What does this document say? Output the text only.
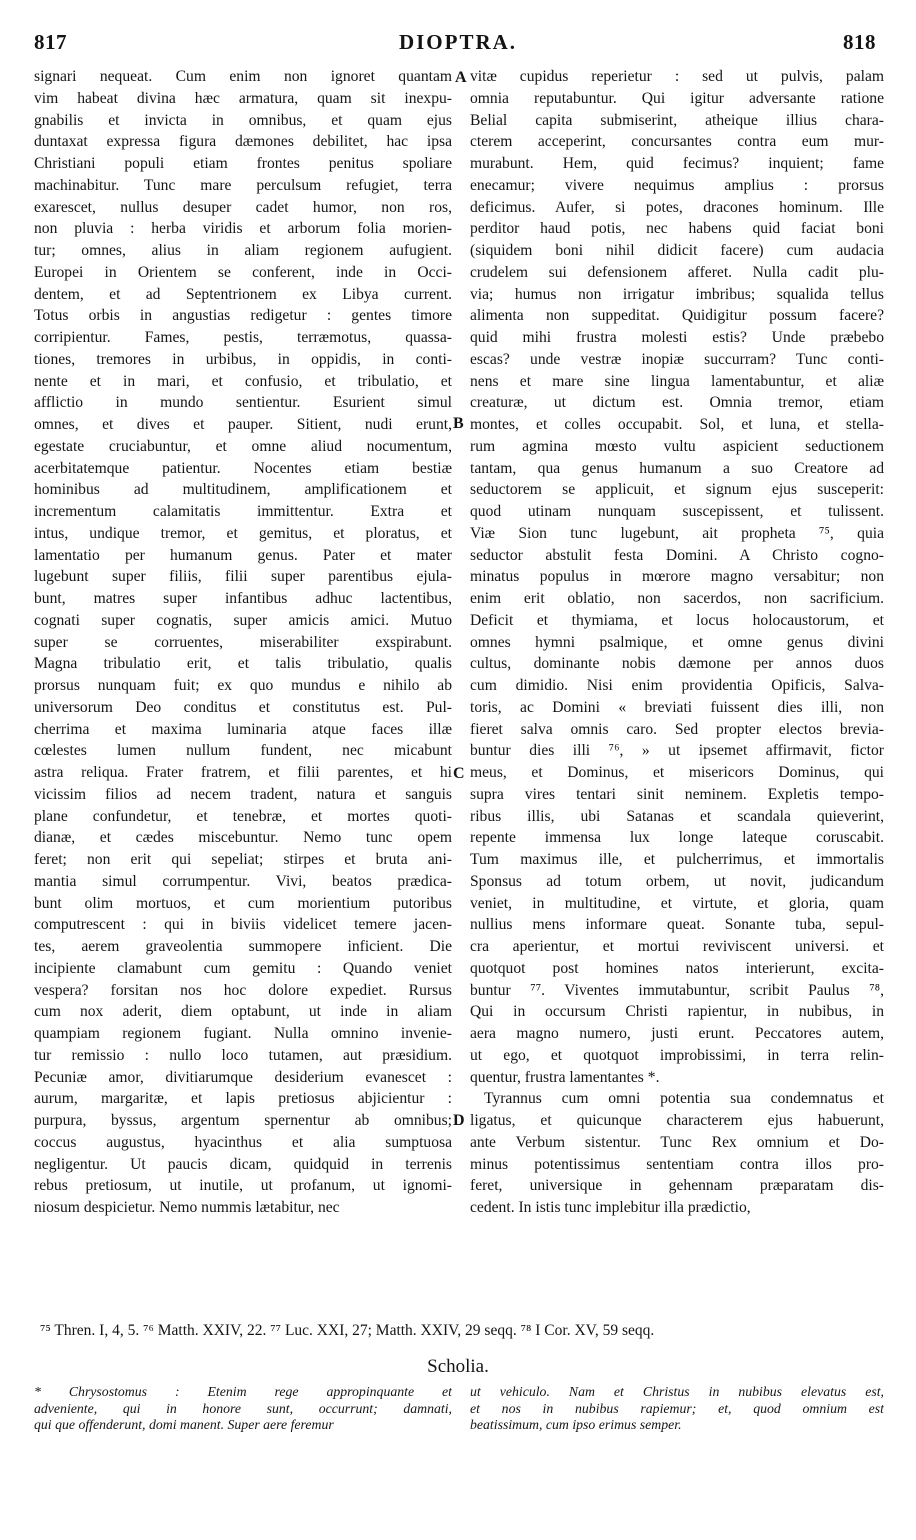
817	DIOPTRA.	818
signari nequeat. Cum enim non ignoret quantam
vim habeat divina hæc armatura, quam sit inexpu-
gnabilis et invicta in omnibus, et quam ejus
duntaxat expressa figura dæmones debilitet, hac ipsa
Christiani populi etiam frontes penitus spoliare
machinabitur. Tunc mare perculsum refugiet, terra
exarescet, nullus desuper cadet humor, non ros,
non pluvia : herba viridis et arborum folia morien-
tur; omnes, alius in aliam regionem aufugient.
Europei in Orientem se conferent, inde in Occi-
dentem, et ad Septentrionem ex Libya current.
Totus orbis in angustias redigetur : gentes timore
corripientur. Fames, pestis, terræmotus, quassa-
tiones, tremores in urbibus, in oppidis, in conti-
nente et in mari, et confusio, et tribulatio, et
afflictio in mundo sentientur. Esurient simul
omnes, et dives et pauper. Sitient, nudi erunt,
egestate cruciabuntur, et omne aliud nocumentum,
acerbitatemque patientur. Nocentes etiam bestiæ
hominibus ad multitudinem, amplificationem et
incrementum calamitatis immittentur. Extra et
intus, undique tremor, et gemitus, et ploratus, et
lamentatio per humanum genus. Pater et mater
lugebunt super filiis, filii super parentibus ejula-
bunt, matres super infantibus adhuc lactentibus,
cognati super cognatis, super amicis amici. Mutuo
super se corruentes, miserabiliter exspirabunt.
Magna tribulatio erit, et talis tribulatio, qualis
prorsus nunquam fuit; ex quo mundus e nihilo ab
universorum Deo conditus et constitutus est. Pul-
cherrima et maxima luminaria atque faces illæ
cœlestes lumen nullum fundent, nec micabunt
astra reliqua. Frater fratrem, et filii parentes, et hi
vicissim filios ad necem tradent, natura et sanguis
plane confundetur, et tenebræ, et mortes quoti-
dianæ, et cædes miscebuntur. Nemo tunc opem
feret; non erit qui sepeliat; stirpes et bruta ani-
mantia simul corrumpentur. Vivi, beatos prædica-
bunt olim mortuos, et cum morientium putoribus
computrescent : qui in biviis videlicet temere jacen-
tes, aerem graveolentia summopere inficient. Die
incipiente clamabunt cum gemitu : Quando veniet
vespera? forsitan nos hoc dolore expediet. Rursus
cum nox aderit, diem optabunt, ut inde in aliam
quampiam regionem fugiant. Nulla omnino invenie-
tur remissio : nullo loco tutamen, aut præsidium.
Pecuniæ amor, divitiarumque desiderium evanescet :
aurum, margaritæ, et lapis pretiosus abjicientur :
purpura, byssus, argentum spernentur ab omnibus;
coccus augustus, hyacinthus et alia sumptuosa
negligentur. Ut paucis dicam, quidquid in terrenis
rebus pretiosum, ut inutile, ut profanum, ut ignomi-
niosum despicietur. Nemo nummis lætabitur, nec
vitæ cupidus reperietur : sed ut pulvis, palam
omnia reputabuntur. Qui igitur adversante ratione
Belial capita submiserint, atheique illius chara-
cterem acceperint, concursantes contra eum mur-
murabunt. Hem, quid fecimus? inquient; fame
enecamur; vivere nequimus amplius : prorsus
deficimus. Aufer, si potes, dracones hominum. Ille
perditor haud potis, nec habens quid faciat boni
(siquidem boni nihil didicit facere) cum audacia
crudelem sui defensionem afferet. Nulla cadit plu-
via; humus non irrigatur imbribus; squalida tellus
alimenta non suppeditat. Quidigitur possum facere?
quid mihi frustra molesti estis? Unde præbebo
escas? unde vestræ inopiæ succurram? Tunc conti-
nens et mare sine lingua lamentabuntur, et aliæ
creaturæ, ut dictum est. Omnia tremor, etiam
montes, et colles occupabit. Sol, et luna, et stella-
rum agmina mœsto vultu aspicient seductionem
tantam, qua genus humanum a suo Creatore ad
seductorem se applicuit, et signum ejus susceperit:
quod utinam nunquam suscepissent, et tulissent.
Viæ Sion tunc lugebunt, ait propheta ⁷⁵, quia
seductor abstulit festa Domini. A Christo cogno-
minatus populus in mœrore magno versabitur; non
enim erit oblatio, non sacerdos, non sacrificium.
Deficit et thymiama, et locus holocaustorum, et
omnes hymni psalmique, et omne genus divini
cultus, dominante nobis dæmone per annos duos
cum dimidio. Nisi enim providentia Opificis, Salva-
toris, ac Domini « breviati fuissent dies illi, non
fieret salva omnis caro. Sed propter electos brevia-
buntur dies illi ⁷⁶, » ut ipsemet affirmavit, fictor
meus, et Dominus, et misericors Dominus, qui
supra vires tentari sinit neminem. Expletis tempo-
ribus illis, ubi Satanas et scandala quieverint,
repente immensa lux longe lateque coruscabit.
Tum maximus ille, et pulcherrimus, et immortalis
Sponsus ad totum orbem, ut novit, judicandum
veniet, in multitudine, et virtute, et gloria, quam
nullius mens informare queat. Sonante tuba, sepul-
cra aperientur, et mortui reviviscent universi. et
quotquot post homines natos interierunt, excita-
buntur ⁷⁷. Viventes immutabuntur, scribit Paulus ⁷⁸,
Qui in occursum Christi rapientur, in nubibus, in
aera magno numero, justi erunt. Peccatores autem,
ut ego, et quotquot improbissimi, in terra relin-
quentur, frustra lamentantes *.
Tyrannus cum omni potentia sua condemnatus et
ligatus, et quicunque characterem ejus habuerunt,
ante Verbum sistentur. Tunc Rex omnium et Do-
minus potentissimus sententiam contra illos pro-
feret, universique in gehennam præparatam dis-
cedent. In istis tunc implebitur illa prædictio,
A
B
C
D
⁷⁵ Thren. I, 4, 5. ⁷⁶ Matth. XXIV, 22. ⁷⁷ Luc. XXI, 27; Matth. XXIV, 29 seqq. ⁷⁸ I Cor. XV, 59 seqq.
Scholia.
* Chrysostomus : Etenim rege appropinquante et
adveniente, qui in honore sunt, occurrunt; damnati,
qui que offenderunt, domi manent. Super aere feremur
ut vehiculo. Nam et Christus in nubibus elevatus est,
et nos in nubibus rapiemur; et, quod omnium est
beatissimum, cum ipso erimus semper.
